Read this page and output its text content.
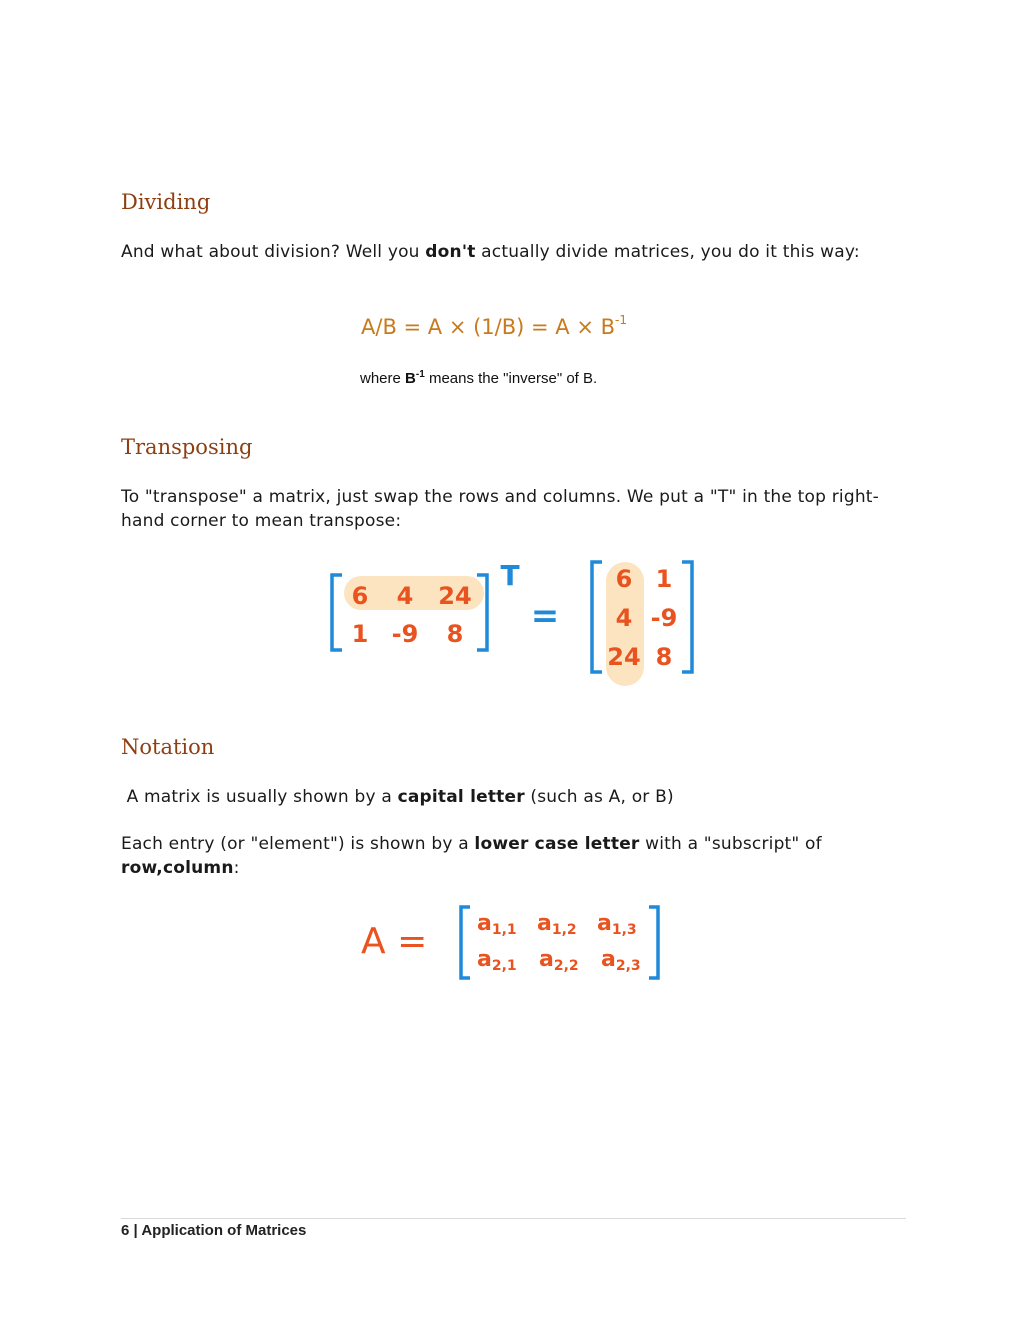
Dividing
And what about division? Well you don't actually divide matrices, you do it this way:
$A/B = A \times (1/B) = A \times B^{-1}$
where $B^{-1}$ means the "inverse" of B.
Transposing
To "transpose" a matrix, just swap the rows and columns. We put a "T" in the top right-hand corner to mean transpose:
6 4 24
1 -9 8
T
=
6
4
24
1
-9
8
Notation
A matrix is usually shown by a capital letter (such as A, or B)
Each entry (or "element") is shown by a lower case letter with a "subscript" of row,column:
A = a1,1 a1,2 a1,3
a2,1 a2,2 a2,3
6 | Application of Matrices
